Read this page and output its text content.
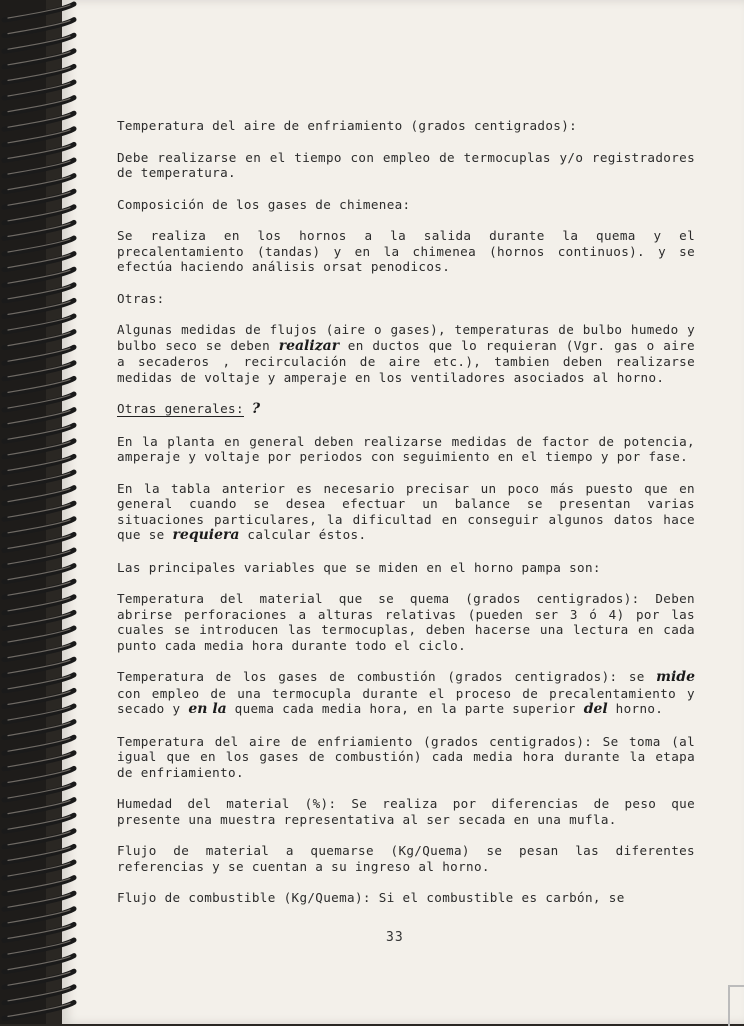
Temperatura del aire de enfriamiento (grados centigrados):

Debe realizarse en el tiempo con empleo de termocuplas y/o registradores de temperatura.

Composición de los gases de chimenea:

Se realiza en los hornos a la salida durante la quema y el precalentamiento (tandas) y en la chimenea (hornos continuos). y se efectúa haciendo análisis orsat penodicos.

Otras:

Algunas medidas de flujos (aire o gases), temperaturas de bulbo humedo y bulbo seco se deben realizar en ductos que lo requieran (Vgr. gas o aire a secaderos , recirculación de aire etc.), tambien deben realizarse medidas de voltaje y amperaje en los ventiladores asociados al horno.

Otras generales: ?

En la planta en general deben realizarse medidas de factor de potencia, amperaje y voltaje por periodos con seguimiento en el tiempo y por fase.

En la tabla anterior es necesario precisar un poco más puesto que en general cuando se desea efectuar un balance se presentan varias situaciones particulares, la dificultad en conseguir algunos datos hace que se requiera calcular éstos.

Las principales variables que se miden en el horno pampa son:

Temperatura del material que se quema (grados centigrados): Deben abrirse perforaciones a alturas relativas (pueden ser 3 ó 4) por las cuales se introducen las termocuplas, deben hacerse una lectura en cada punto cada media hora durante todo el ciclo.

Temperatura de los gases de combustión (grados centigrados): se mide con empleo de una termocupla durante el proceso de precalentamiento y secado y en la quema cada media hora, en la parte superior del horno.

Temperatura del aire de enfriamiento (grados centigrados): Se toma (al igual que en los gases de combustión) cada media hora durante la etapa de enfriamiento.

Humedad del material (%): Se realiza por diferencias de peso que presente una muestra representativa al ser secada en una mufla.

Flujo de material a quemarse (Kg/Quema) se pesan las diferentes referencias y se cuentan a su ingreso al horno.

Flujo de combustible (Kg/Quema): Si el combustible es carbón, se

33
